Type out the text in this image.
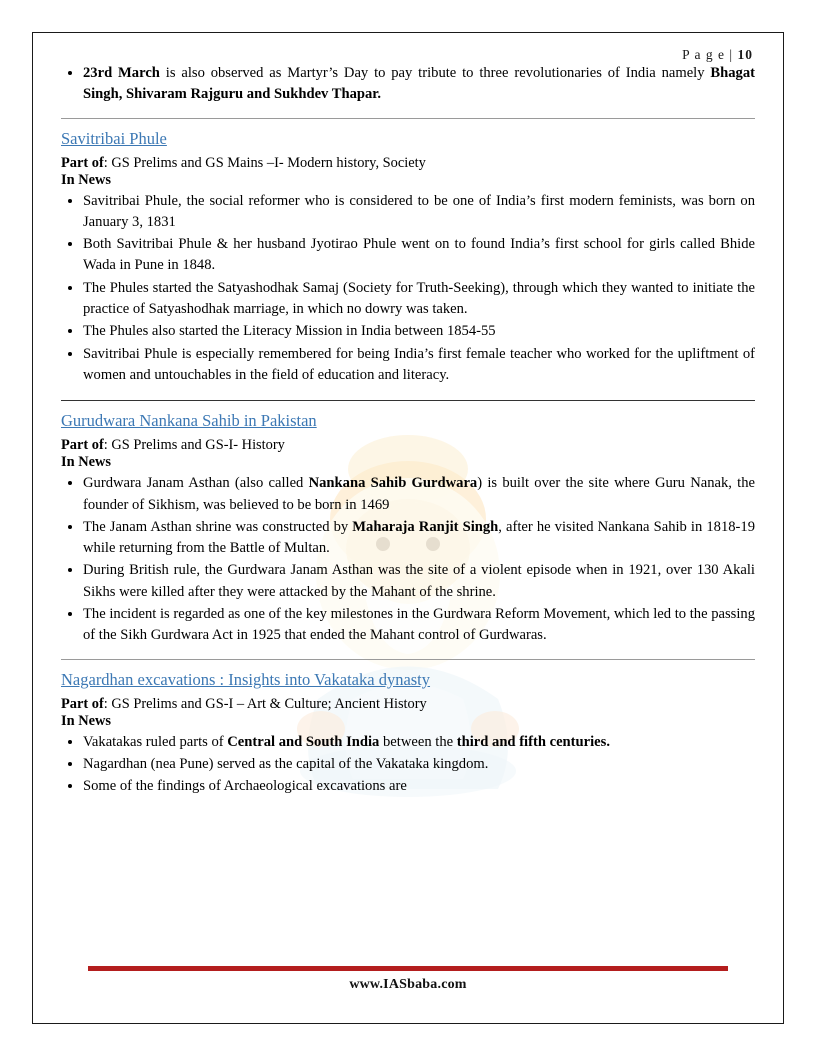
P a g e | 10
23rd March is also observed as Martyr’s Day to pay tribute to three revolutionaries of India namely Bhagat Singh, Shivaram Rajguru and Sukhdev Thapar.
Savitribai Phule
Part of: GS Prelims and GS Mains –I- Modern history, Society
In News
Savitribai Phule, the social reformer who is considered to be one of India’s first modern feminists, was born on January 3, 1831
Both Savitribai Phule & her husband Jyotirao Phule went on to found India’s first school for girls called Bhide Wada in Pune in 1848.
The Phules started the Satyashodhak Samaj (Society for Truth-Seeking), through which they wanted to initiate the practice of Satyashodhak marriage, in which no dowry was taken.
The Phules also started the Literacy Mission in India between 1854-55
Savitribai Phule is especially remembered for being India’s first female teacher who worked for the upliftment of women and untouchables in the field of education and literacy.
Gurudwara Nankana Sahib in Pakistan
Part of: GS Prelims and GS-I- History
In News
Gurdwara Janam Asthan (also called Nankana Sahib Gurdwara) is built over the site where Guru Nanak, the founder of Sikhism, was believed to be born in 1469
The Janam Asthan shrine was constructed by Maharaja Ranjit Singh, after he visited Nankana Sahib in 1818-19 while returning from the Battle of Multan.
During British rule, the Gurdwara Janam Asthan was the site of a violent episode when in 1921, over 130 Akali Sikhs were killed after they were attacked by the Mahant of the shrine.
The incident is regarded as one of the key milestones in the Gurdwara Reform Movement, which led to the passing of the Sikh Gurdwara Act in 1925 that ended the Mahant control of Gurdwaras.
Nagardhan excavations : Insights into Vakataka dynasty
Part of: GS Prelims and GS-I – Art & Culture; Ancient History
In News
Vakatakas ruled parts of Central and South India between the third and fifth centuries.
Nagardhan (nea Pune) served as the capital of the Vakataka kingdom.
Some of the findings of Archaeological excavations are
www.IASbaba.com
